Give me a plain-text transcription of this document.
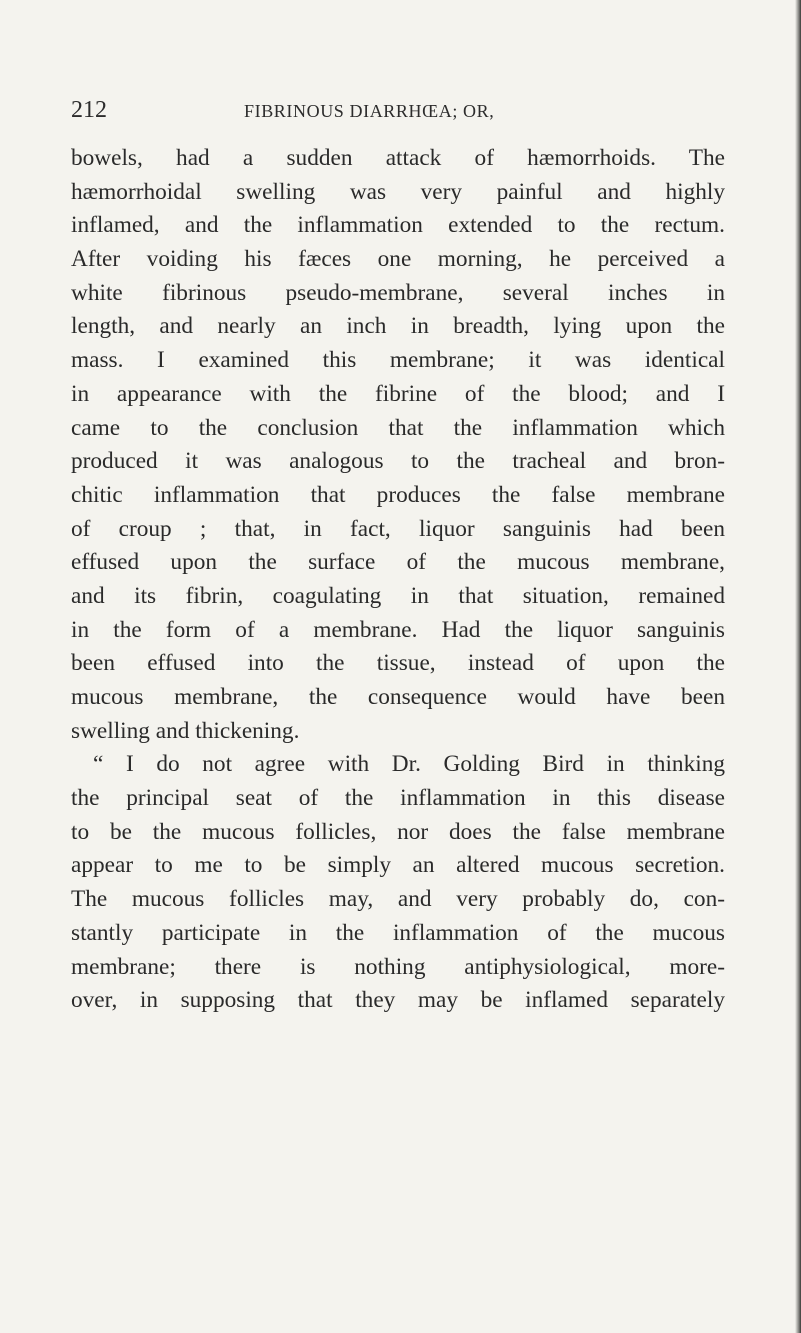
212	FIBRINOUS DIARRHŒA; OR,
bowels, had a sudden attack of hæmorrhoids. The
hæmorrhoidal swelling was very painful and highly
inflamed, and the inflammation extended to the rectum.
After voiding his fæces one morning, he perceived a
white fibrinous pseudo-membrane, several inches in
length, and nearly an inch in breadth, lying upon the
mass. I examined this membrane; it was identical
in appearance with the fibrine of the blood; and I
came to the conclusion that the inflammation which
produced it was analogous to the tracheal and bron-
chitic inflammation that produces the false membrane
of croup ; that, in fact, liquor sanguinis had been
effused upon the surface of the mucous membrane,
and its fibrin, coagulating in that situation, remained
in the form of a membrane. Had the liquor sanguinis
been effused into the tissue, instead of upon the
mucous membrane, the consequence would have been
swelling and thickening.
“ I do not agree with Dr. Golding Bird in thinking
the principal seat of the inflammation in this disease
to be the mucous follicles, nor does the false membrane
appear to me to be simply an altered mucous secretion.
The mucous follicles may, and very probably do, con-
stantly participate in the inflammation of the mucous
membrane; there is nothing antiphysiological, more-
over, in supposing that they may be inflamed separately
